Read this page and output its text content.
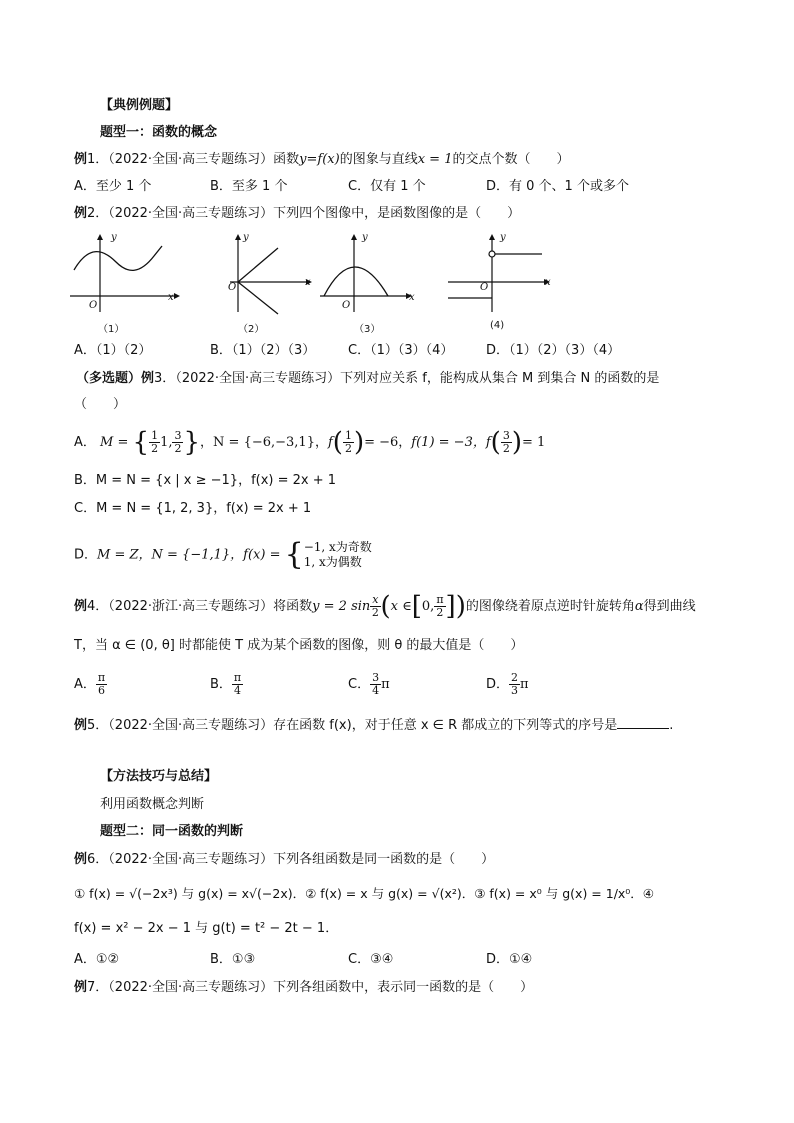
【典例例题】
题型一：函数的概念
例1．（2022·全国·高三专题练习）函数y=f(x)的图象与直线x = 1的交点个数（　　）
A．至少 1 个	B．至多 1 个	C．仅有 1 个	D．有 0 个、1 个或多个
例2．（2022·全国·高三专题练习）下列四个图像中，是函数图像的是（　　）
y
x
O
（1）
y
x
O
（2）
y
x
O
（3）
y
x
O
(4)
A．（1）（2）	B．（1）（2）（3）	C．（1）（3）（4）	D．（1）（2）（3）（4）
（多选题）例3．（2022·全国·高三专题练习）下列对应关系 f，能构成从集合 M 到集合 N 的函数的是
（　　）
A． M = { $\frac{1}{2} 1$, $\frac{3}{2}$ }，N = {−6,−3,1}，$f( \frac{1}{2}$ )= −6，f(1) = −3，$f( \frac{3}{2}$ )= 1
B．M = N = {x | x ≥ −1}，f(x) = 2x + 1
C．M = N = {1, 2, 3}，f(x) = 2x + 1
D．M = Z，N = {−1,1}，f(x) = { −1, x为奇数
1, x为偶数
例4．（2022·浙江·高三专题练习）将函数y = 2 $\sin \frac{x}{2} (x$ ∈[0, $\frac{\pi}{2}$ ])的图像绕着原点逆时针旋转角α得到曲线
T，当 α ∈ (0, θ] 时都能使 T 成为某个函数的图像，则 θ 的最大值是（　　）
A． $\frac{\pi}{6}$	B． $\frac{\pi}{4}$	C． $\frac{3}{4}$ π	D． $\frac{2}{3}$ π
例5．（2022·全国·高三专题练习）存在函数 f(x)，对于任意 x ∈ R 都成立的下列等式的序号是	.
【方法技巧与总结】
利用函数概念判断
题型二：同一函数的判断
例6．（2022·全国·高三专题练习）下列各组函数是同一函数的是（　　）
① f(x) = √(−2x³) 与 g(x) = x√(−2x)．② f(x) = x 与 g(x) = √(x²)．③ f(x) = x⁰ 与 g(x) = 1/x⁰．④
f(x) = x² − 2x − 1 与 g(t) = t² − 2t − 1．
A．①②	B．①③	C．③④	D．①④
例7．（2022·全国·高三专题练习）下列各组函数中，表示同一函数的是（　　）
